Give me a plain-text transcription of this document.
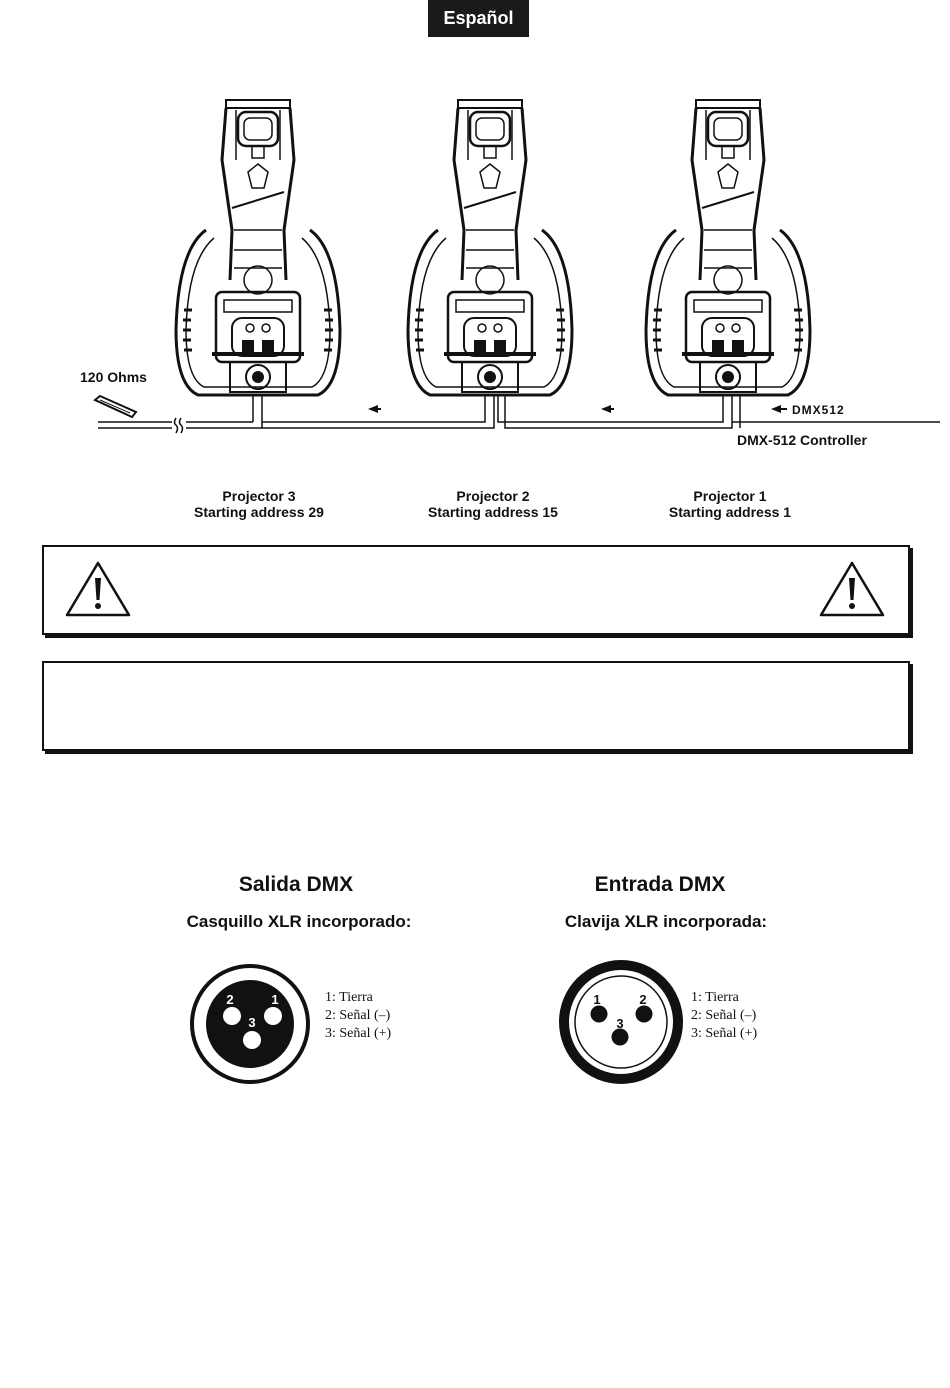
Español
120 Ohms
DMX512
DMX-512 Controller
Projector 3
Starting address 29
Projector 2
Starting address 15
Projector 1
Starting address 1
Salida DMX
Casquillo XLR incorporado:
2	1
3
1: Tierra
2: Señal (–)
3: Señal (+)
Entrada DMX
Clavija XLR incorporada:
1	2
3
1: Tierra
2: Señal (–)
3: Señal (+)
